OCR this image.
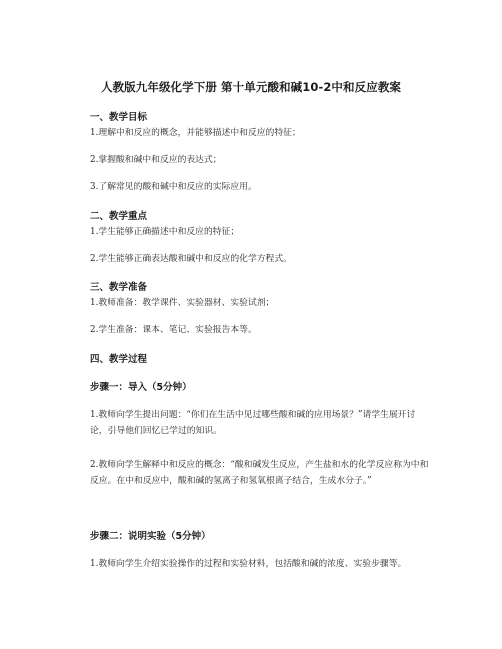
人教版九年级化学下册 第十单元酸和碱10-2中和反应教案
一、教学目标
1.理解中和反应的概念，并能够描述中和反应的特征；
2.掌握酸和碱中和反应的表达式；
3.了解常见的酸和碱中和反应的实际应用。
二、教学重点
1.学生能够正确描述中和反应的特征；
2.学生能够正确表达酸和碱中和反应的化学方程式。
三、教学准备
1.教师准备：教学课件、实验器材、实验试剂；
2.学生准备：课本、笔记、实验报告本等。
四、教学过程
步骤一：导入（5分钟）
1.教师向学生提出问题：“你们在生活中见过哪些酸和碱的应用场景？”请学生展开讨论，引导他们回忆已学过的知识。
2.教师向学生解释中和反应的概念：“酸和碱发生反应，产生盐和水的化学反应称为中和反应。在中和反应中，酸和碱的氢离子和氢氧根离子结合，生成水分子。”
步骤二：说明实验（5分钟）
1.教师向学生介绍实验操作的过程和实验材料，包括酸和碱的浓度、实验步骤等。
